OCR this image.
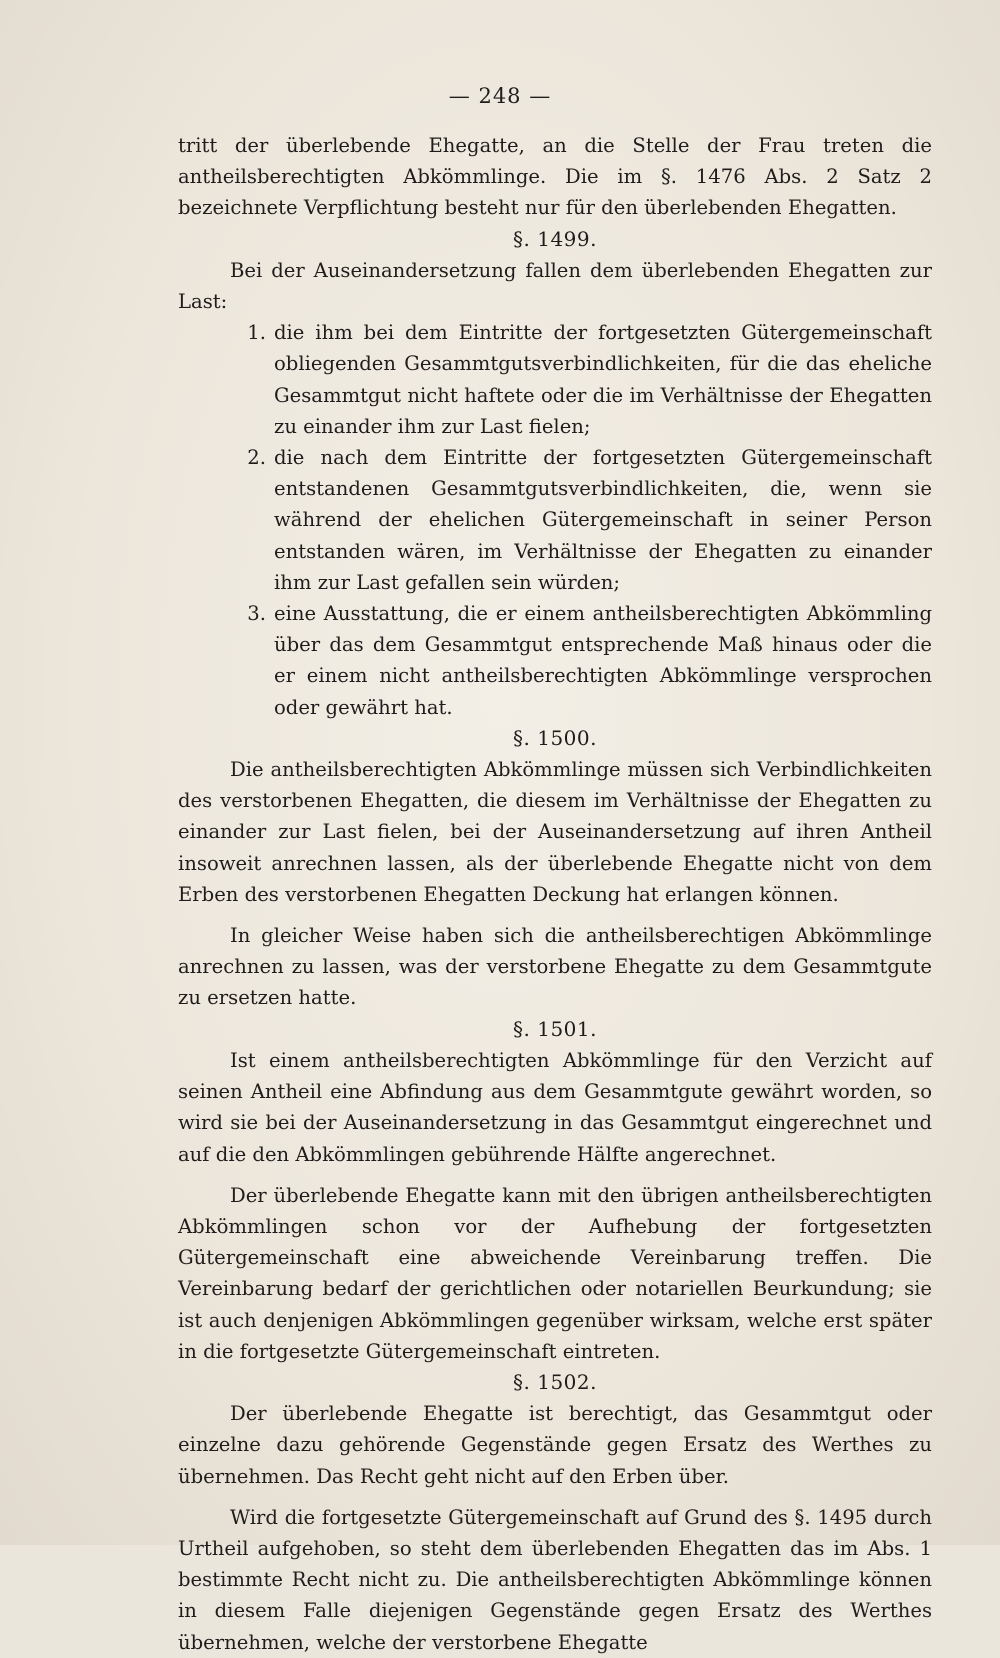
— 248 —

tritt der überlebende Ehegatte, an die Stelle der Frau treten die antheilsberechtigten Abkömmlinge. Die im §. 1476 Abs. 2 Satz 2 bezeichnete Verpflichtung besteht nur für den überlebenden Ehegatten.

§. 1499.

Bei der Auseinandersetzung fallen dem überlebenden Ehegatten zur Last:

1. die ihm bei dem Eintritte der fortgesetzten Gütergemeinschaft obliegenden Gesammtgutsverbindlichkeiten, für die das eheliche Gesammtgut nicht haftete oder die im Verhältnisse der Ehegatten zu einander ihm zur Last fielen;
2. die nach dem Eintritte der fortgesetzten Gütergemeinschaft entstandenen Gesammtgutsverbindlichkeiten, die, wenn sie während der ehelichen Gütergemeinschaft in seiner Person entstanden wären, im Verhältnisse der Ehegatten zu einander ihm zur Last gefallen sein würden;
3. eine Ausstattung, die er einem antheilsberechtigten Abkömmling über das dem Gesammtgut entsprechende Maß hinaus oder die er einem nicht antheilsberechtigten Abkömmlinge versprochen oder gewährt hat.

§. 1500.

Die antheilsberechtigten Abkömmlinge müssen sich Verbindlichkeiten des verstorbenen Ehegatten, die diesem im Verhältnisse der Ehegatten zu einander zur Last fielen, bei der Auseinandersetzung auf ihren Antheil insoweit anrechnen lassen, als der überlebende Ehegatte nicht von dem Erben des verstorbenen Ehegatten Deckung hat erlangen können.

In gleicher Weise haben sich die antheilsberechtigen Abkömmlinge anrechnen zu lassen, was der verstorbene Ehegatte zu dem Gesammtgute zu ersetzen hatte.

§. 1501.

Ist einem antheilsberechtigten Abkömmlinge für den Verzicht auf seinen Antheil eine Abfindung aus dem Gesammtgute gewährt worden, so wird sie bei der Auseinandersetzung in das Gesammtgut eingerechnet und auf die den Abkömmlingen gebührende Hälfte angerechnet.

Der überlebende Ehegatte kann mit den übrigen antheilsberechtigten Abkömmlingen schon vor der Aufhebung der fortgesetzten Gütergemeinschaft eine abweichende Vereinbarung treffen. Die Vereinbarung bedarf der gerichtlichen oder notariellen Beurkundung; sie ist auch denjenigen Abkömmlingen gegenüber wirksam, welche erst später in die fortgesetzte Gütergemeinschaft eintreten.

§. 1502.

Der überlebende Ehegatte ist berechtigt, das Gesammtgut oder einzelne dazu gehörende Gegenstände gegen Ersatz des Werthes zu übernehmen. Das Recht geht nicht auf den Erben über.

Wird die fortgesetzte Gütergemeinschaft auf Grund des §. 1495 durch Urtheil aufgehoben, so steht dem überlebenden Ehegatten das im Abs. 1 bestimmte Recht nicht zu. Die antheilsberechtigten Abkömmlinge können in diesem Falle diejenigen Gegenstände gegen Ersatz des Werthes übernehmen, welche der verstorbene Ehegatte
